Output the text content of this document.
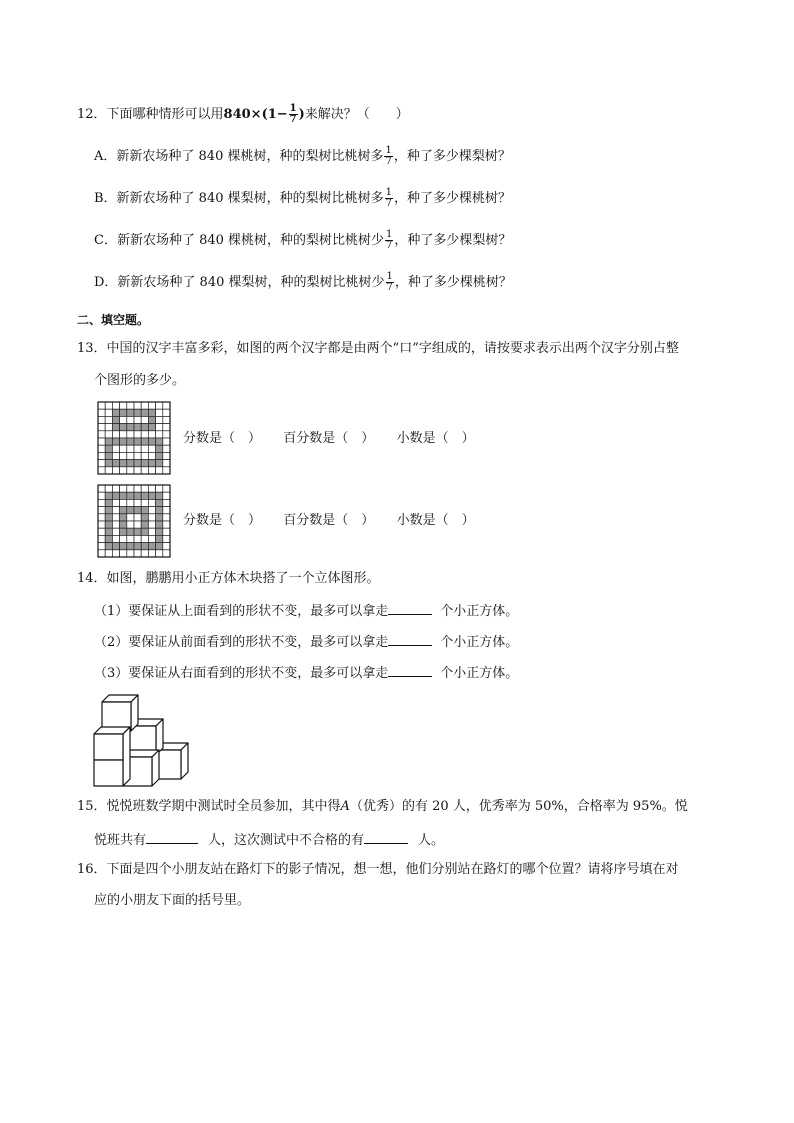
12．下面哪种情形可以用$840\times(1- \frac{1}{7}$ )来解决？（　　）
A．新新农场种了 840 棵桃树，种的梨树比桃树多 $\frac{1}{7}$ ，种了多少棵梨树？
B．新新农场种了 840 棵梨树，种的梨树比桃树多 $\frac{1}{7}$ ，种了多少棵桃树？
C．新新农场种了 840 棵桃树，种的梨树比桃树少 $\frac{1}{7}$ ，种了多少棵梨树？
D．新新农场种了 840 棵梨树，种的梨树比桃树少 $\frac{1}{7}$ ，种了多少棵桃树？
二、填空题。
13．中国的汉字丰富多彩，如图的两个汉字都是由两个“口”字组成的，请按要求表示出两个汉字分别占整
个图形的多少。
分数是（　） 百分数是（　） 小数是（　）
分数是（　） 百分数是（　） 小数是（　）
14．如图，鹏鹏用小正方体木块搭了一个立体图形。
（1）要保证从上面看到的形状不变，最多可以拿走	个小正方体。
（2）要保证从前面看到的形状不变，最多可以拿走	个小正方体。
（3）要保证从右面看到的形状不变，最多可以拿走	个小正方体。
15．悦悦班数学期中测试时全员参加，其中得A（优秀）的有 20 人，优秀率为 50%，合格率为 95%。悦
悦班共有	人，这次测试中不合格的有	人。
16．下面是四个小朋友站在路灯下的影子情况，想一想，他们分别站在路灯的哪个位置？请将序号填在对
应的小朋友下面的括号里。
